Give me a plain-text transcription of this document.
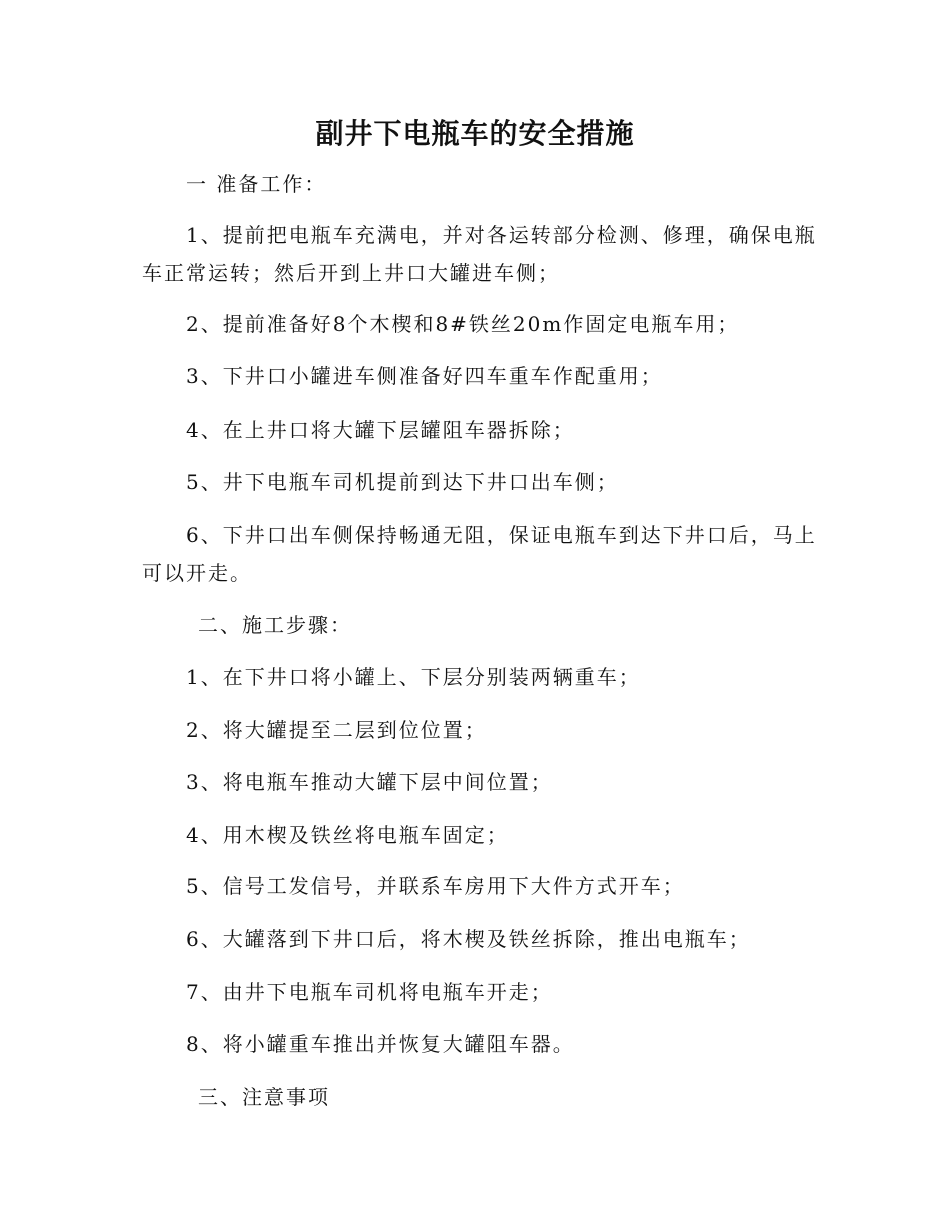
副井下电瓶车的安全措施
一 准备工作：
1、提前把电瓶车充满电，并对各运转部分检测、修理，确保电瓶
车正常运转；然后开到上井口大罐进车侧；
2、提前准备好8个木楔和8#铁丝20m作固定电瓶车用；
3、下井口小罐进车侧准备好四车重车作配重用；
4、在上井口将大罐下层罐阻车器拆除；
5、井下电瓶车司机提前到达下井口出车侧；
6、下井口出车侧保持畅通无阻，保证电瓶车到达下井口后，马上
可以开走。
二、施工步骤：
1、在下井口将小罐上、下层分别装两辆重车；
2、将大罐提至二层到位位置；
3、将电瓶车推动大罐下层中间位置；
4、用木楔及铁丝将电瓶车固定；
5、信号工发信号，并联系车房用下大件方式开车；
6、大罐落到下井口后，将木楔及铁丝拆除，推出电瓶车；
7、由井下电瓶车司机将电瓶车开走；
8、将小罐重车推出并恢复大罐阻车器。
三、注意事项
